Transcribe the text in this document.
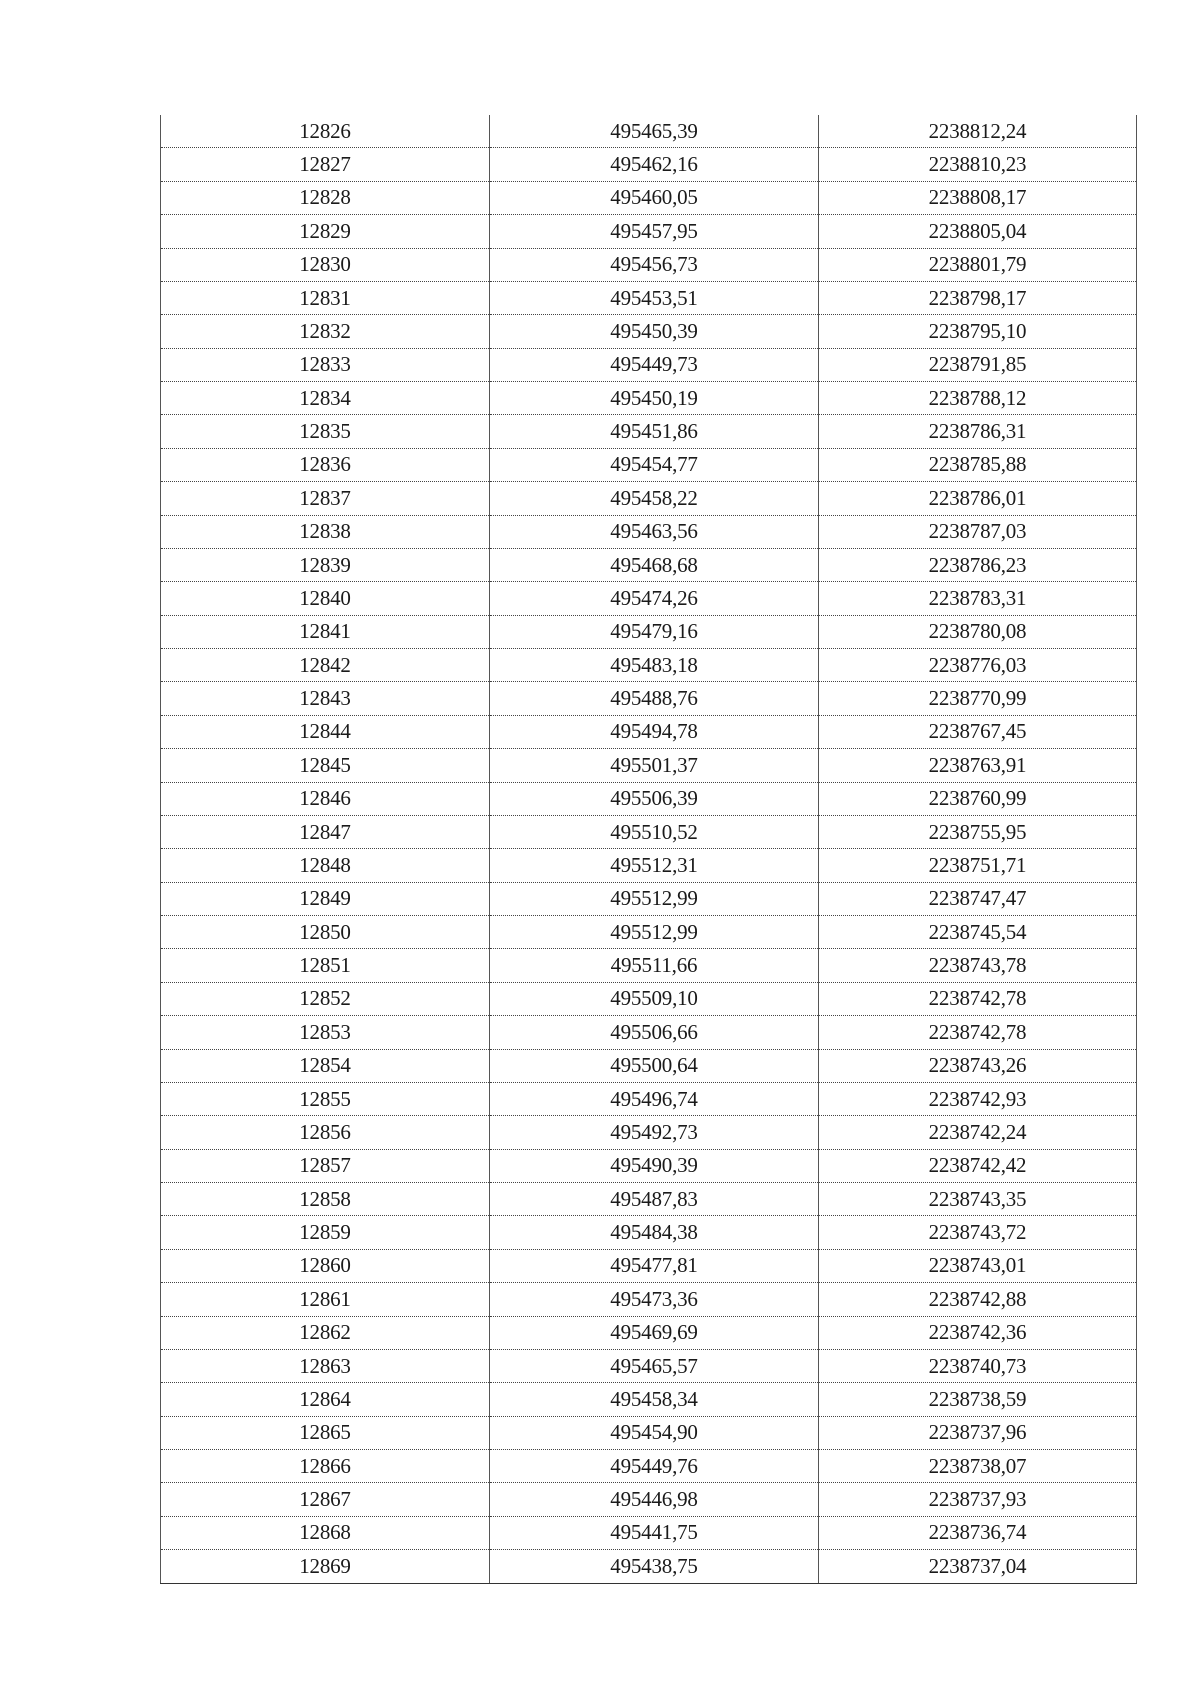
12826	495465,39	2238812,24
12827	495462,16	2238810,23
12828	495460,05	2238808,17
12829	495457,95	2238805,04
12830	495456,73	2238801,79
12831	495453,51	2238798,17
12832	495450,39	2238795,10
12833	495449,73	2238791,85
12834	495450,19	2238788,12
12835	495451,86	2238786,31
12836	495454,77	2238785,88
12837	495458,22	2238786,01
12838	495463,56	2238787,03
12839	495468,68	2238786,23
12840	495474,26	2238783,31
12841	495479,16	2238780,08
12842	495483,18	2238776,03
12843	495488,76	2238770,99
12844	495494,78	2238767,45
12845	495501,37	2238763,91
12846	495506,39	2238760,99
12847	495510,52	2238755,95
12848	495512,31	2238751,71
12849	495512,99	2238747,47
12850	495512,99	2238745,54
12851	495511,66	2238743,78
12852	495509,10	2238742,78
12853	495506,66	2238742,78
12854	495500,64	2238743,26
12855	495496,74	2238742,93
12856	495492,73	2238742,24
12857	495490,39	2238742,42
12858	495487,83	2238743,35
12859	495484,38	2238743,72
12860	495477,81	2238743,01
12861	495473,36	2238742,88
12862	495469,69	2238742,36
12863	495465,57	2238740,73
12864	495458,34	2238738,59
12865	495454,90	2238737,96
12866	495449,76	2238738,07
12867	495446,98	2238737,93
12868	495441,75	2238736,74
12869	495438,75	2238737,04
